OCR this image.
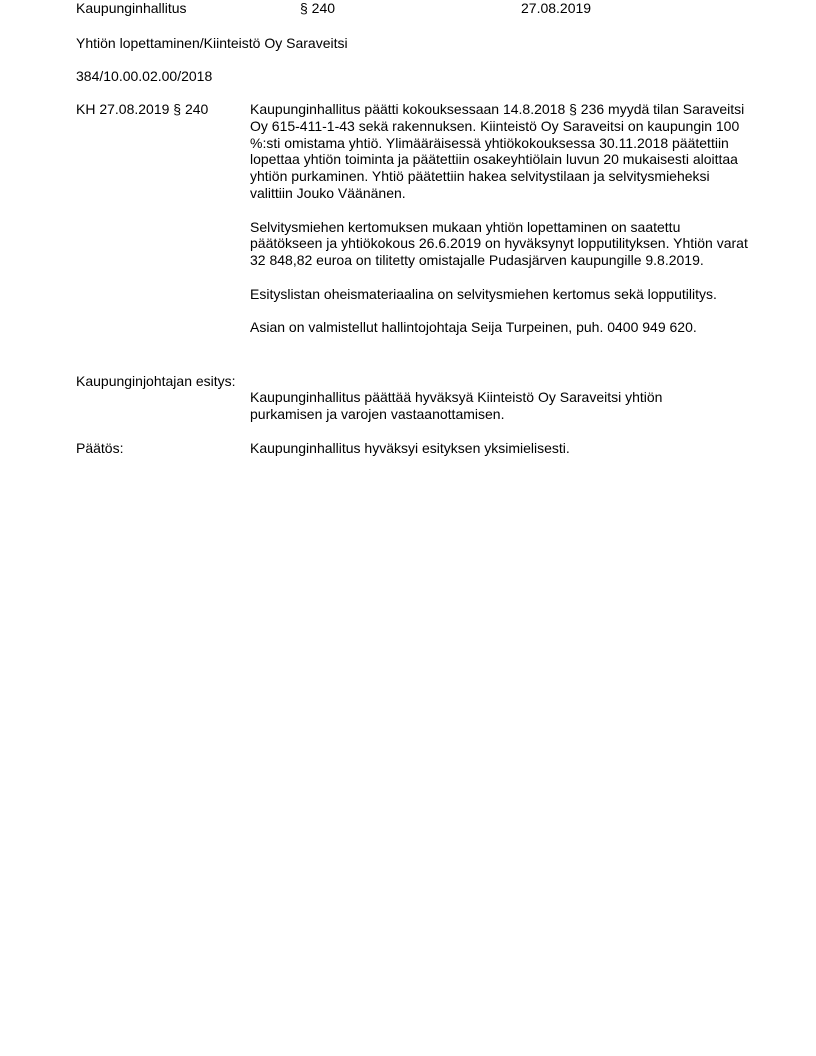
Kaupunginhallitus	§ 240	27.08.2019
Yhtiön lopettaminen/Kiinteistö Oy Saraveitsi
384/10.00.02.00/2018
KH 27.08.2019 § 240	Kaupunginhallitus päätti kokouksessaan 14.8.2018 § 236 myydä tilan Saraveitsi Oy 615-411-1-43 sekä rakennuksen. Kiinteistö Oy Saraveitsi on kaupungin 100 %:sti omistama yhtiö. Ylimääräisessä yhtiökokouksessa 30.11.2018 päätettiin lopettaa yhtiön toiminta ja päätettiin osakeyhtiölain luvun 20 mukaisesti aloittaa yhtiön purkaminen. Yhtiö päätettiin hakea selvitystilaan ja selvitysmieheksi valittiin Jouko Väänänen.

Selvitysmiehen kertomuksen mukaan yhtiön lopettaminen on saatettu päätökseen ja yhtiökokous 26.6.2019 on hyväksynyt lopputilityksen. Yhtiön varat 32 848,82 euroa on tilitetty omistajalle Pudasjärven kaupungille 9.8.2019.

Esityslistan oheismateriaalina on selvitysmiehen kertomus sekä lopputilitys.

Asian on valmistellut hallintojohtaja Seija Turpeinen, puh. 0400 949 620.

Kaupunginjohtajan esitys:

Kaupunginhallitus päättää hyväksyä Kiinteistö Oy Saraveitsi yhtiön purkamisen ja varojen vastaanottamisen.

Päätös:	Kaupunginhallitus hyväksyi esityksen yksimielisesti.
